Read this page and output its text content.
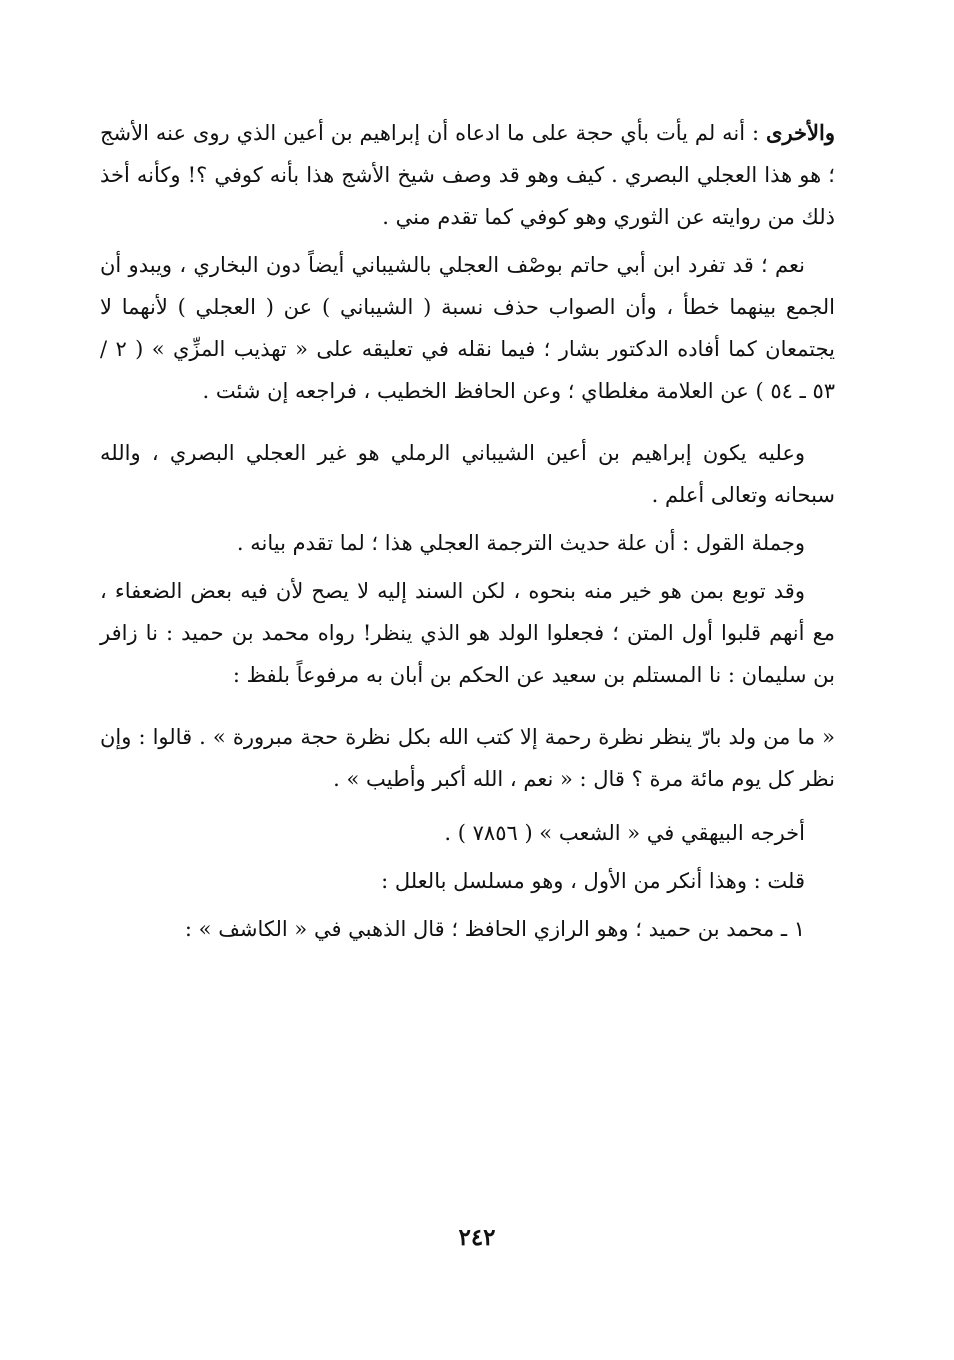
والأخرى : أنه لم يأت بأي حجة على ما ادعاه أن إبراهيم بن أعين الذي روى عنه الأشج ؛ هو هذا العجلي البصري . كيف وهو قد وصف شيخ الأشج هذا بأنه كوفي ؟! وكأنه أخذ ذلك من روايته عن الثوري وهو كوفي كما تقدم مني .

نعم ؛ قد تفرد ابن أبي حاتم بوصْف العجلي بالشيباني أيضاً دون البخاري ، ويبدو أن الجمع بينهما خطأ ، وأن الصواب حذف نسبة ( الشيباني ) عن ( العجلي ) لأنهما لا يجتمعان كما أفاده الدكتور بشار ؛ فيما نقله في تعليقه على « تهذيب المزِّي » ( ٢ / ٥٣ ـ ٥٤ ) عن العلامة مغلطاي ؛ وعن الحافظ الخطيب ، فراجعه إن شئت .

وعليه يكون إبراهيم بن أعين الشيباني الرملي هو غير العجلي البصري ، والله سبحانه وتعالى أعلم .

وجملة القول : أن علة حديث الترجمة العجلي هذا ؛ لما تقدم بيانه .

وقد توبع بمن هو خير منه بنحوه ، لكن السند إليه لا يصح لأن فيه بعض الضعفاء ، مع أنهم قلبوا أول المتن ؛ فجعلوا الولد هو الذي ينظر! رواه محمد بن حميد : نا زافر بن سليمان : نا المستلم بن سعيد عن الحكم بن أبان به مرفوعاً بلفظ :

« ما من ولد بارّ ينظر نظرة رحمة إلا كتب الله بكل نظرة حجة مبرورة » . قالوا : وإن نظر كل يوم مائة مرة ؟ قال : « نعم ، الله أكبر وأطيب » .

أخرجه البيهقي في « الشعب » ( ٧٨٥٦ ) .

قلت : وهذا أنكر من الأول ، وهو مسلسل بالعلل :

١ ـ محمد بن حميد ؛ وهو الرازي الحافظ ؛ قال الذهبي في « الكاشف » :

٢٤٢
